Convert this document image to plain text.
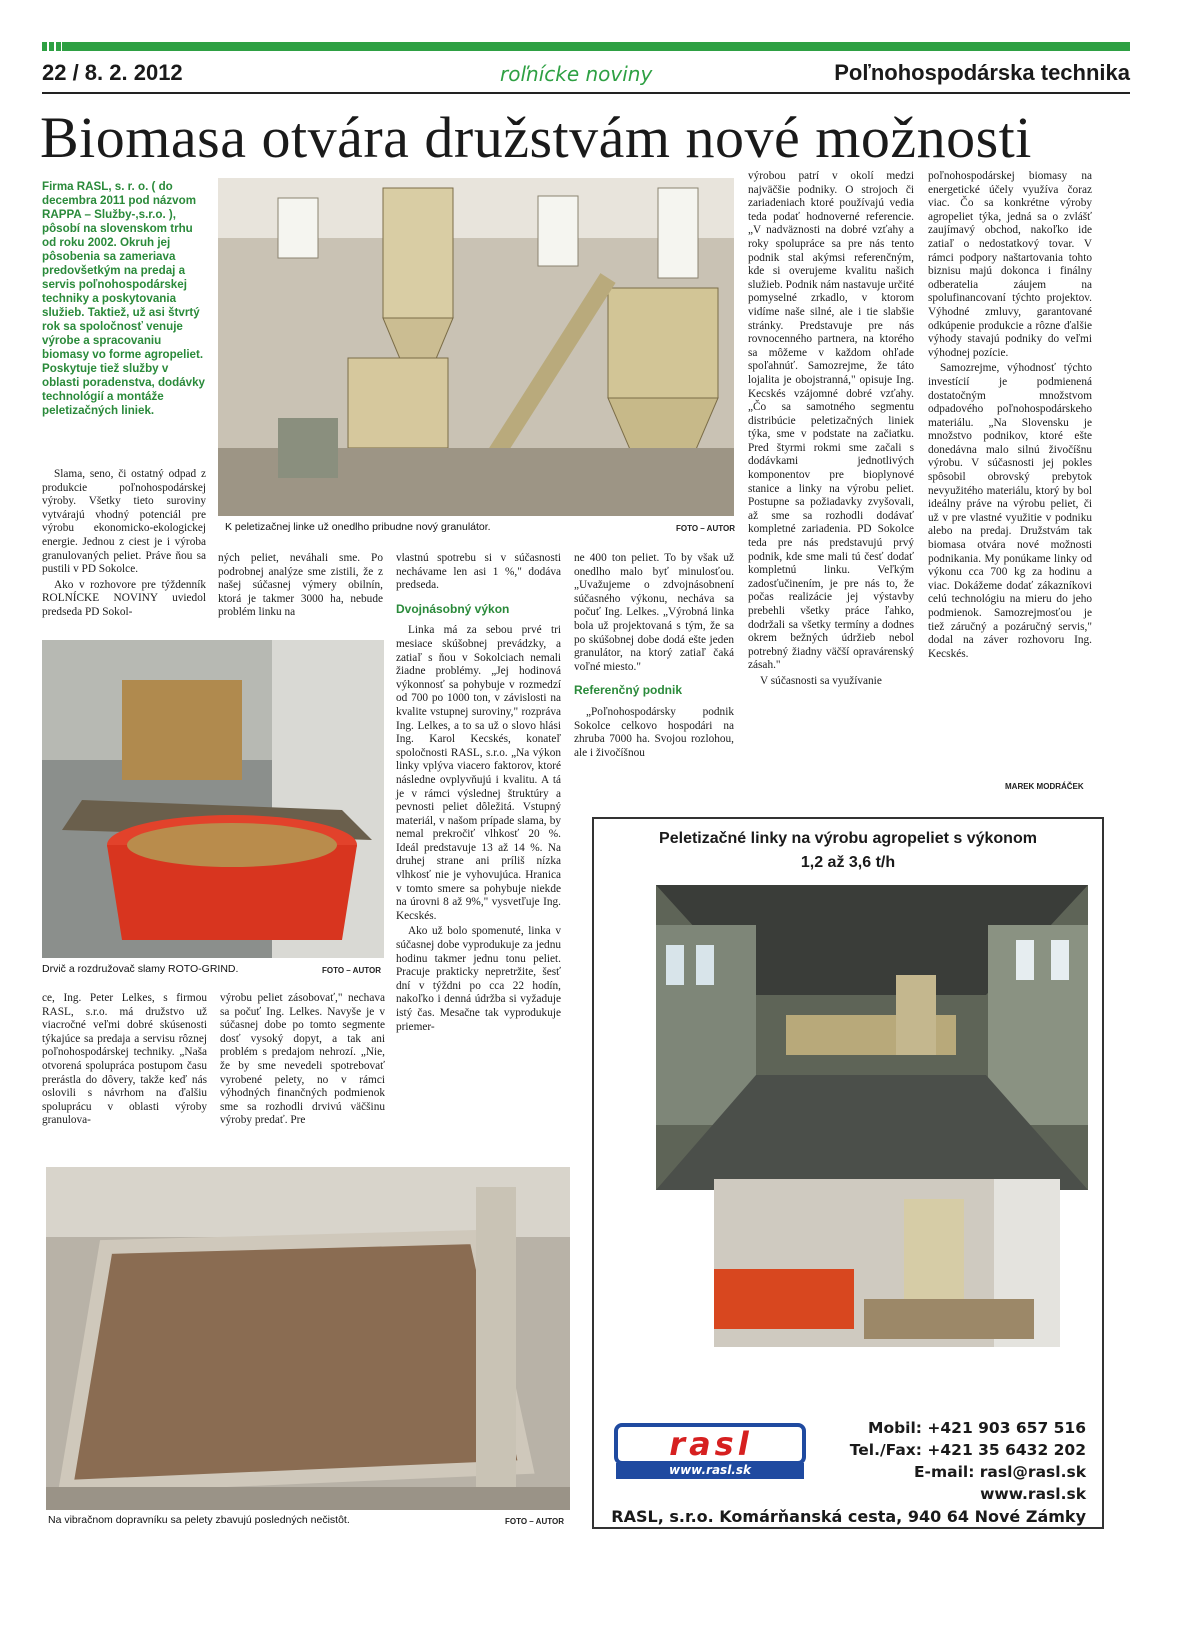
22 / 8. 2. 2012	roľnícke noviny	Poľnohospodárska technika
Biomasa otvára družstvám nové možnosti
Firma RASL, s. r. o. ( do decembra 2011 pod názvom RAPPA – Služby-,s.r.o. ), pôsobí na slovenskom trhu od roku 2002. Okruh jej pôsobenia sa zameriava predovšetkým na predaj a servis poľnohospodárskej techniky a poskytovania služieb. Taktiež, už asi štvrtý rok sa spoločnosť venuje výrobe a spracovaniu biomasy vo forme agropeliet. Poskytuje tiež služby v oblasti poradenstva, dodávky technológií a montáže peletizačných liniek.

Slama, seno, či ostatný odpad z produkcie poľnohospodárskej výroby. Všetky tieto suroviny vytvárajú vhodný potenciál pre výrobu ekonomicko-ekologickej energie. Jednou z ciest je i výroba granulovaných peliet. Práve ňou sa pustili v PD Sokolce.

Ako v rozhovore pre týždenník ROLNÍCKE NOVINY uviedol predseda PD Sokol-

K peletizačnej linke už onedlho pribudne nový granulátor.	FOTO – AUTOR

ných peliet, neváhali sme. Po podrobnej analýze sme zistili, že z našej súčasnej výmery obilnín, ktorá je takmer 3000 ha, nebude problém linku na

vlastnú spotrebu si v súčasnosti nechávame len asi 1 %," dodáva predseda.

Dvojnásobný výkon

Linka má za sebou prvé tri mesiace skúšobnej prevádzky, a zatiaľ s ňou v Sokolciach nemali žiadne problémy. „Jej hodinová výkonnosť sa pohybuje v rozmedzí od 700 po 1000 ton, v závislosti na kvalite vstupnej suroviny," rozpráva Ing. Lelkes, a to sa už o slovo hlási Ing. Karol Kecskés, konateľ spoločnosti RASL, s.r.o. „Na výkon linky vplýva viacero faktorov, ktoré následne ovplyvňujú i kvalitu. A tá je v rámci výslednej štruktúry a pevnosti peliet dôležitá. Vstupný materiál, v našom prípade slama, by nemal prekročiť vlhkosť 20 %. Ideál predstavuje 13 až 14 %. Na druhej strane ani príliš nízka vlhkosť nie je vyhovujúca. Hranica v tomto smere sa pohybuje niekde na úrovni 8 až 9%," vysvetľuje Ing. Kecskés.

Ako už bolo spomenuté, linka v súčasnej dobe vyprodukuje za jednu hodinu takmer jednu tonu peliet. Pracuje prakticky nepretržite, šesť dní v týždni po cca 22 hodín, nakoľko i denná údržba si vyžaduje istý čas. Mesačne tak vyprodukuje priemer-

ne 400 ton peliet. To by však už onedlho malo byť minulosťou. „Uvažujeme o zdvojnásobnení súčasného výkonu, necháva sa počuť Ing. Lelkes. „Výrobná linka bola už projektovaná s tým, že sa po skúšobnej dobe dodá ešte jeden granulátor, na ktorý zatiaľ čaká voľné miesto."

Referenčný podnik

„Poľnohospodársky podnik Sokolce celkovo hospodári na zhruba 7000 ha. Svojou rozlohou, ale i živočíšnou

Drvič a rozdružovač slamy ROTO-GRIND.	FOTO – AUTOR

ce, Ing. Peter Lelkes, s firmou RASL, s.r.o. má družstvo už viacročné veľmi dobré skúsenosti týkajúce sa predaja a servisu rôznej poľnohospodárskej techniky. „Naša otvorená spolupráca postupom času prerástla do dôvery, takže keď nás oslovili s návrhom na ďalšiu spoluprácu v oblasti výroby granulova-

výrobu peliet zásobovať," nechava sa počuť Ing. Lelkes. Navyše je v súčasnej dobe po tomto segmente dosť vysoký dopyt, a tak ani problém s predajom nehrozí. „Nie, že by sme nevedeli spotrebovať vyrobené pelety, no v rámci výhodných finančných podmienok sme sa rozhodli drvivú väčšinu výroby predať. Pre

Na vibračnom dopravníku sa pelety zbavujú posledných nečistôt.	FOTO – AUTOR

výrobou patrí v okolí medzi najväčšie podniky. O strojoch či zariadeniach ktoré používajú vedia teda podať hodnoverné referencie. „V nadväznosti na dobré vzťahy a roky spolupráce sa pre nás tento podnik stal akýmsi referenčným, kde si overujeme kvalitu našich služieb. Podnik nám nastavuje určité pomyselné zrkadlo, v ktorom vidíme naše silné, ale i tie slabšie stránky. Predstavuje pre nás rovnocenného partnera, na ktorého sa môžeme v každom ohľade spoľahnúť. Samozrejme, že táto lojalita je obojstranná," opisuje Ing. Kecskés vzájomné dobré vzťahy. „Čo sa samotného segmentu distribúcie peletizačných liniek týka, sme v podstate na začiatku. Pred štyrmi rokmi sme začali s dodávkami jednotlivých komponentov pre bioplynové stanice a linky na výrobu peliet. Postupne sa požiadavky zvyšovali, až sme sa rozhodli dodávať kompletné zariadenia. PD Sokolce teda pre nás predstavujú prvý podnik, kde sme mali tú česť dodať kompletnú linku. Veľkým zadosťučinením, je pre nás to, že počas realizácie jej výstavby prebehli všetky práce ľahko, dodržali sa všetky termíny a dodnes okrem bežných údržieb nebol potrebný žiadny väčší opravárenský zásah."

V súčasnosti sa využívanie

poľnohospodárskej biomasy na energetické účely využíva čoraz viac. Čo sa konkrétne výroby agropeliet týka, jedná sa o zvlášť zaujímavý obchod, nakoľko ide zatiaľ o nedostatkový tovar. V rámci podpory naštartovania tohto biznisu majú dokonca i finálny odberatelia záujem na spolufinancovaní týchto projektov. Výhodné zmluvy, garantované odkúpenie produkcie a rôzne ďalšie výhody stavajú podniky do veľmi výhodnej pozície.

Samozrejme, výhodnosť týchto investícií je podmienená dostatočným množstvom odpadového poľnohospodárskeho materiálu. „Na Slovensku je množstvo podnikov, ktoré ešte donedávna malo silnú živočíšnu výrobu. V súčasnosti jej pokles spôsobil obrovský prebytok nevyužitého materiálu, ktorý by bol ideálny práve na výrobu peliet, či už v pre vlastné využitie v podniku alebo na predaj. Družstvám tak biomasa otvára nové možnosti podnikania. My ponúkame linky od výkonu cca 700 kg za hodinu a viac. Dokážeme dodať zákazníkovi celú technológiu na mieru do jeho podmienok. Samozrejmosťou je tiež záručný a pozáručný servis," dodal na záver rozhovoru Ing. Kecskés.

MAREK MODRÁČEK
Peletizačné linky na výrobu agropeliet s výkonom
1,2 až 3,6 t/h
rasl
www.rasl.sk
Mobil: +421 903 657 516
Tel./Fax: +421 35 6432 202
E-mail: rasl@rasl.sk
www.rasl.sk
RASL, s.r.o. Komárňanská cesta, 940 64 Nové Zámky
